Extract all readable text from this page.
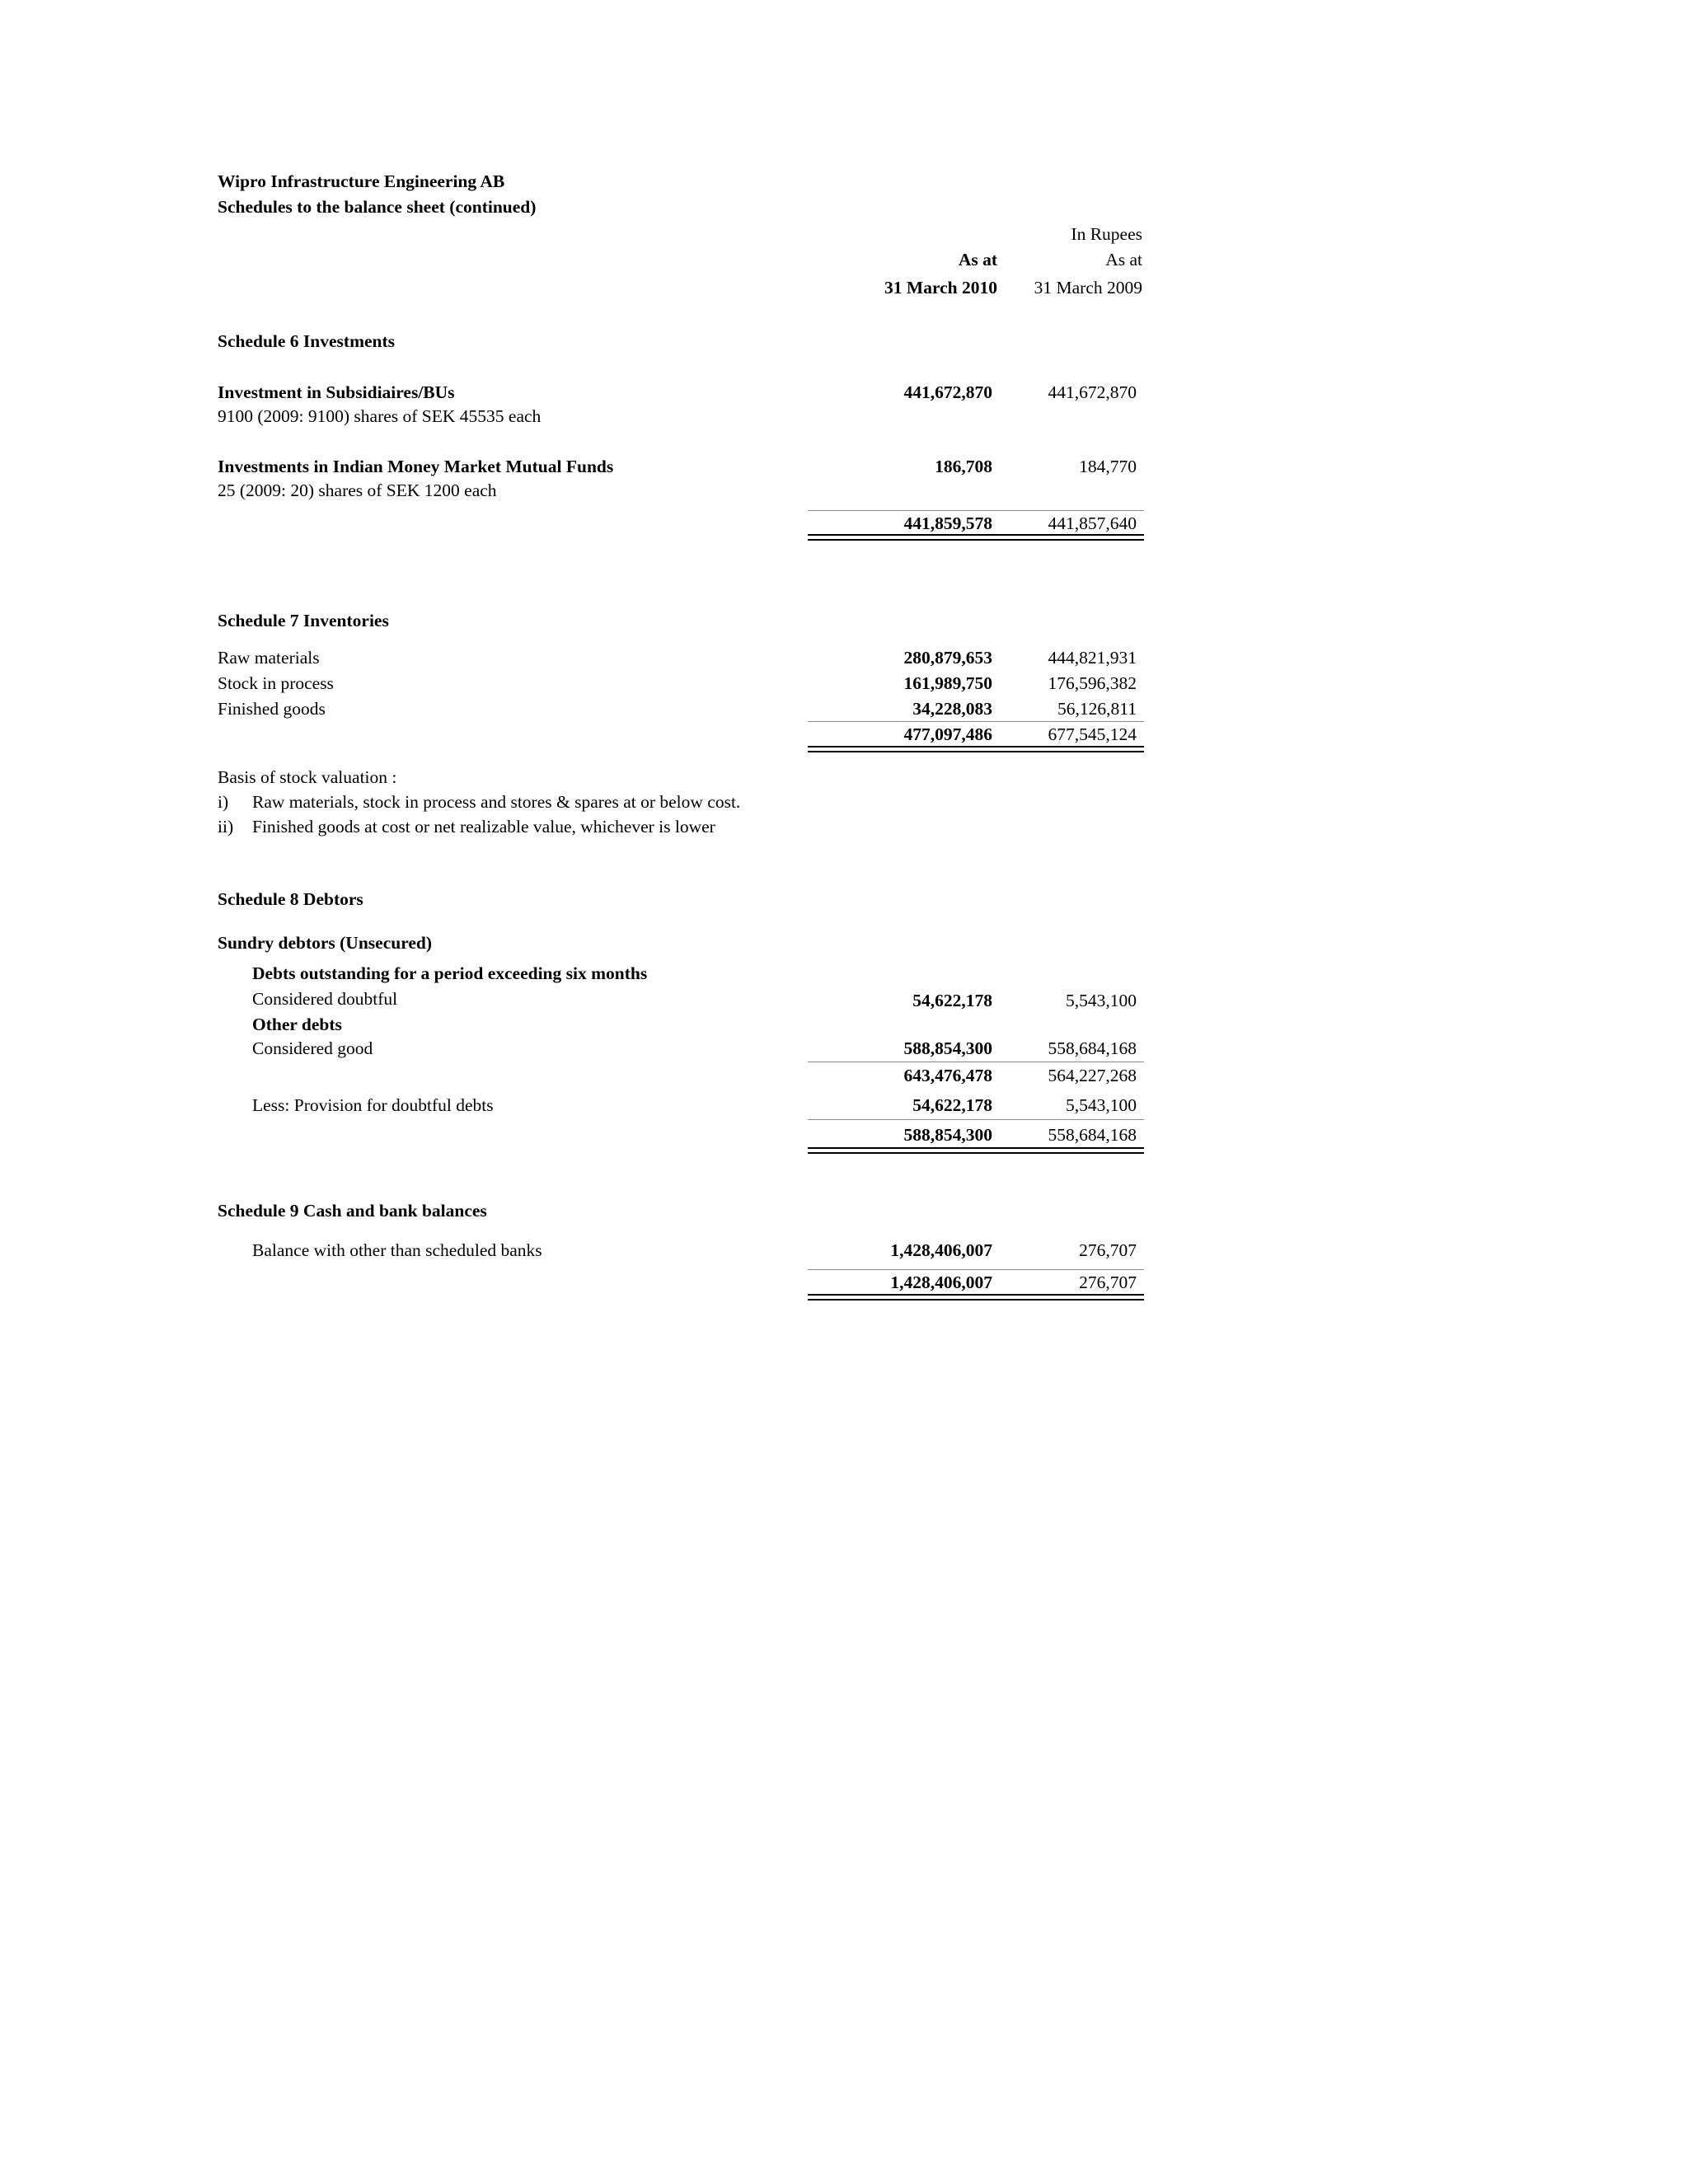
Wipro Infrastructure Engineering AB
Schedules to the balance sheet (continued)
In Rupees
As at	As at
31 March 2010	31 March 2009
Schedule 6 Investments
Investment in Subsidiaires/BUs	441,672,870	441,672,870
9100 (2009: 9100) shares of SEK 45535 each
Investments in Indian Money Market Mutual Funds	186,708	184,770
25 (2009: 20) shares of SEK 1200 each
441,859,578	441,857,640
Schedule 7 Inventories
Raw materials	280,879,653	444,821,931
Stock in process	161,989,750	176,596,382
Finished goods	34,228,083	56,126,811
477,097,486	677,545,124
Basis of stock valuation :
i) Raw materials, stock in process and stores & spares at or below cost.
ii) Finished goods at cost or net realizable value, whichever is lower
Schedule 8 Debtors
Sundry debtors (Unsecured)
Debts outstanding for a period exceeding six months
Considered doubtful	54,622,178	5,543,100
Other debts
Considered good	588,854,300	558,684,168
643,476,478	564,227,268
Less: Provision for doubtful debts	54,622,178	5,543,100
588,854,300	558,684,168
Schedule 9 Cash and bank balances
Balance with other than scheduled banks	1,428,406,007	276,707
1,428,406,007	276,707
